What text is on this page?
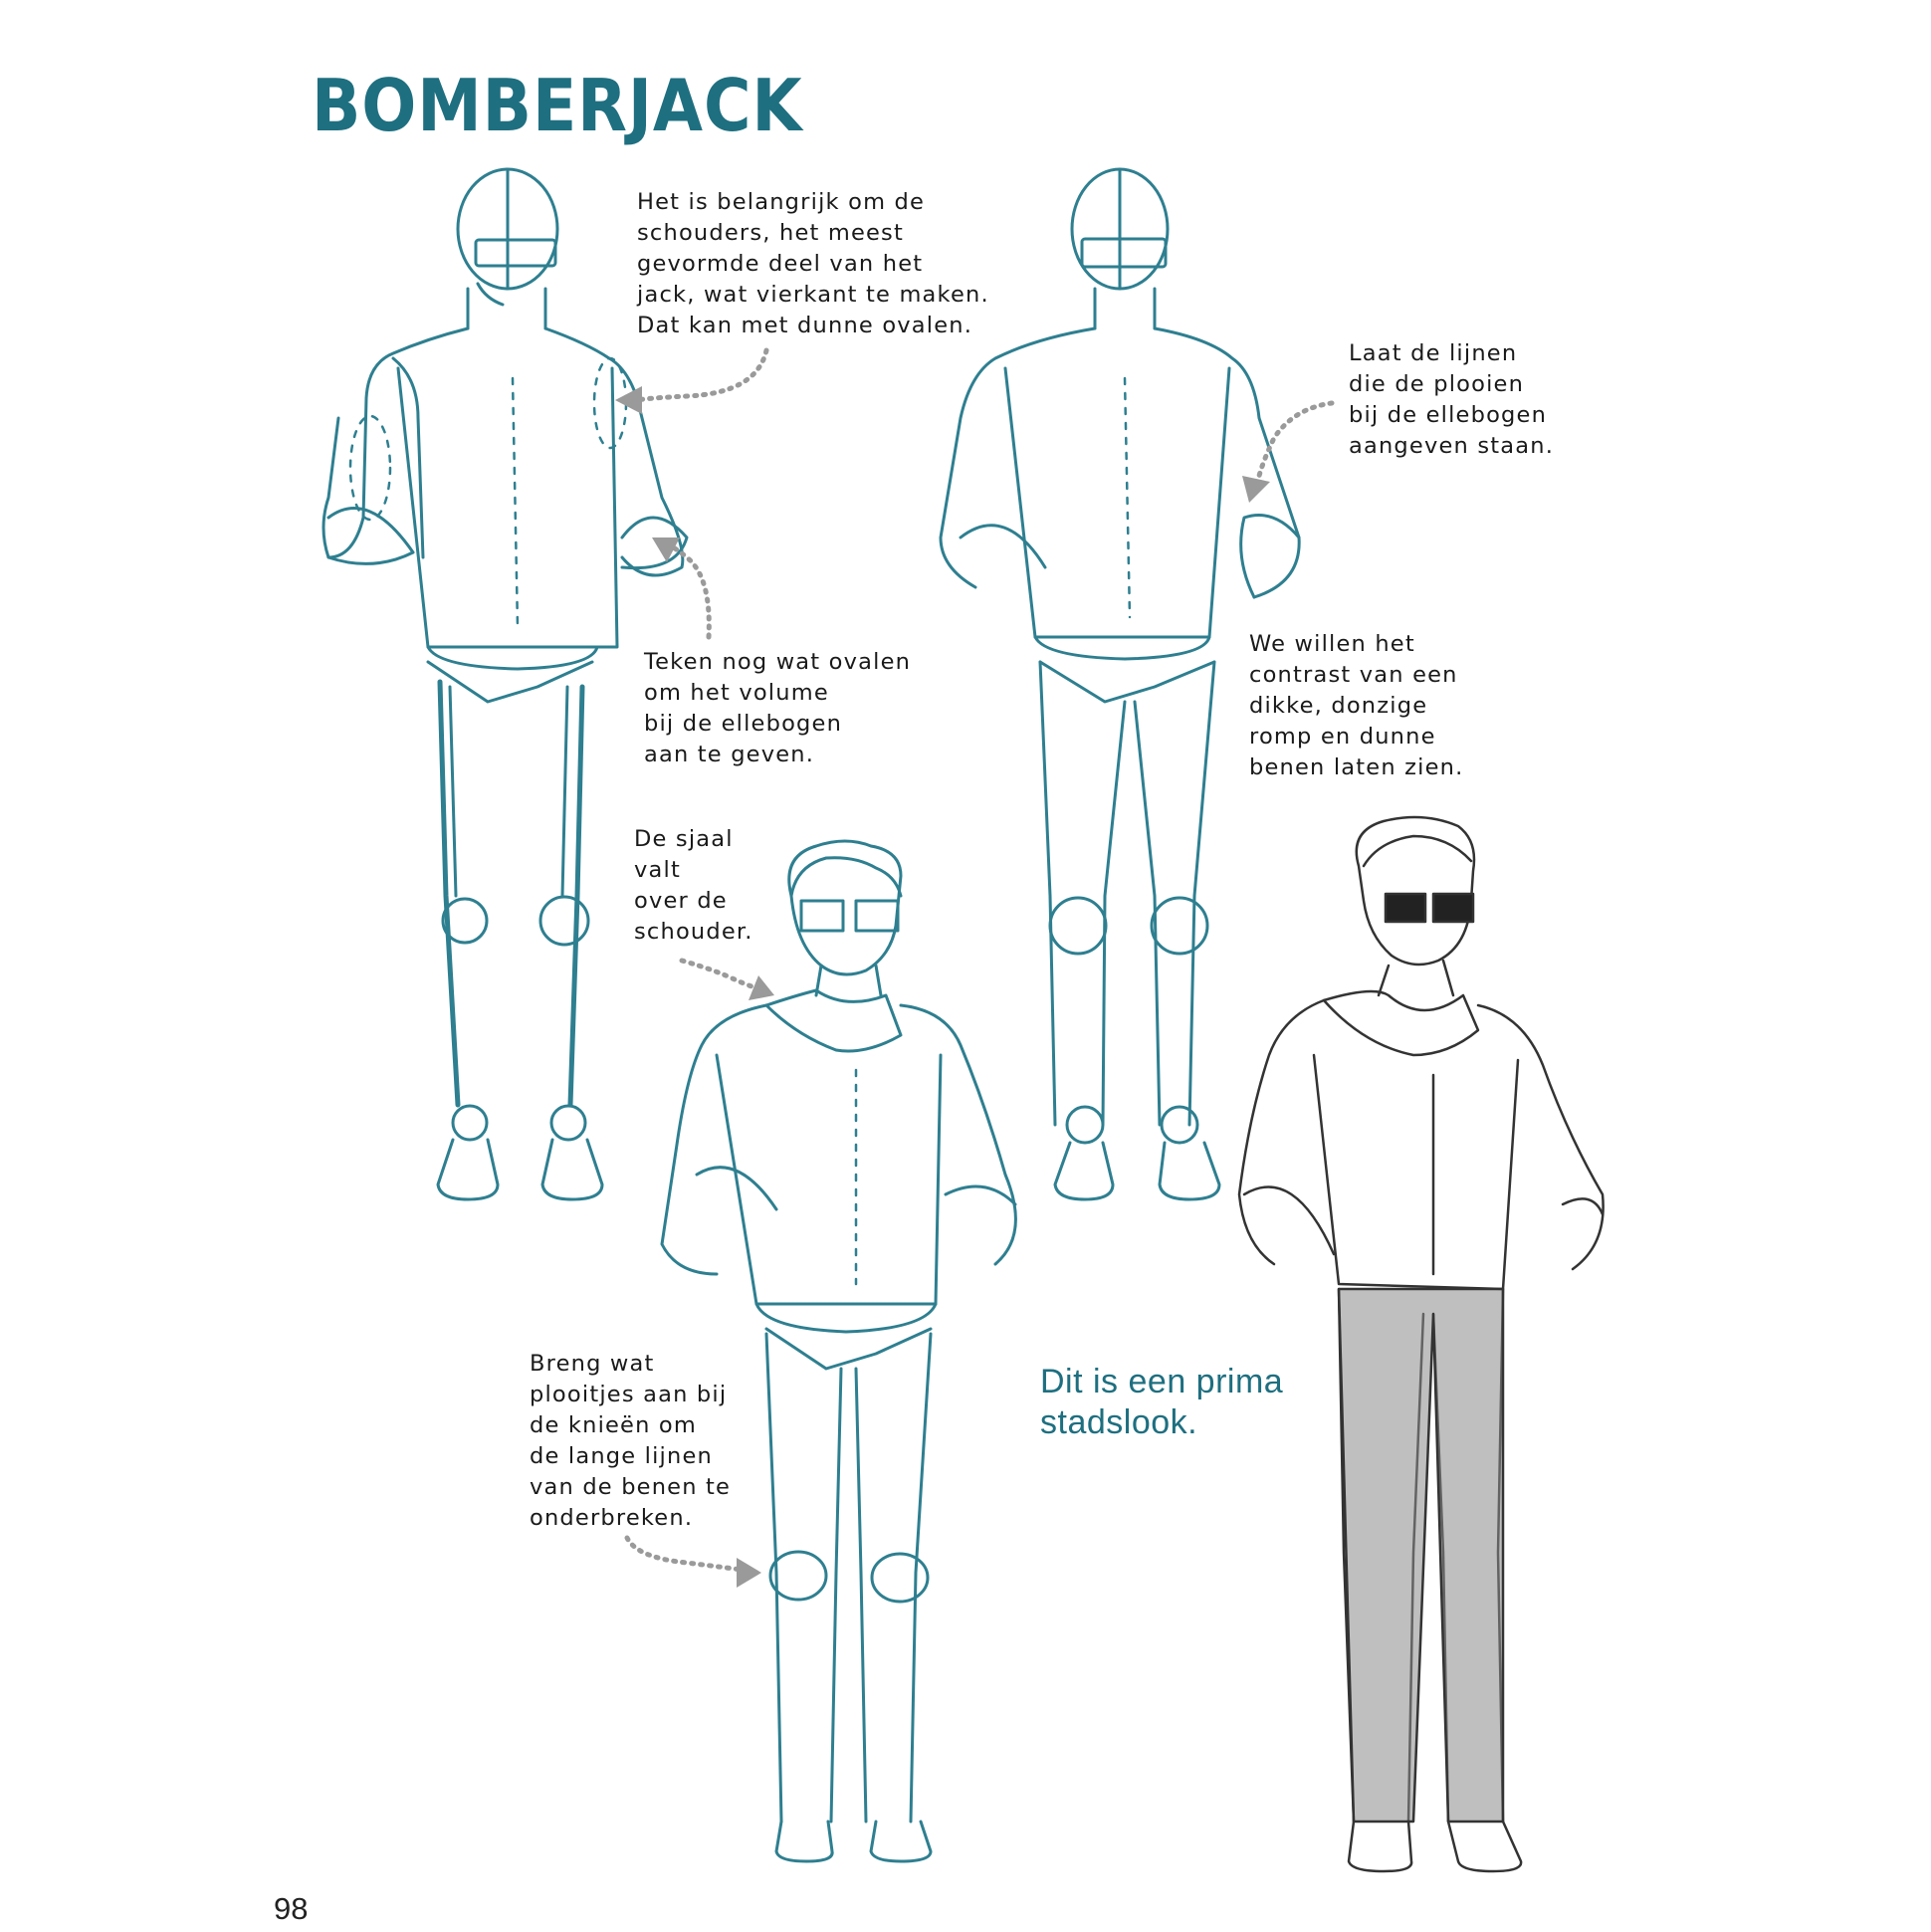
BOMBERJACK

Het is belangrijk om de
schouders, het meest
gevormde deel van het
jack, wat vierkant te maken.
Dat kan met dunne ovalen.

Teken nog wat ovalen
om het volume
bij de ellebogen
aan te geven.

Laat de lijnen
die de plooien
bij de ellebogen
aangeven staan.

We willen het
contrast van een
dikke, donzige
romp en dunne
benen laten zien.

De sjaal
valt
over de
schouder.

Breng wat
plooitjes aan bij
de knieën om
de lange lijnen
van de benen te
onderbreken.

Dit is een prima
stadslook.

98
